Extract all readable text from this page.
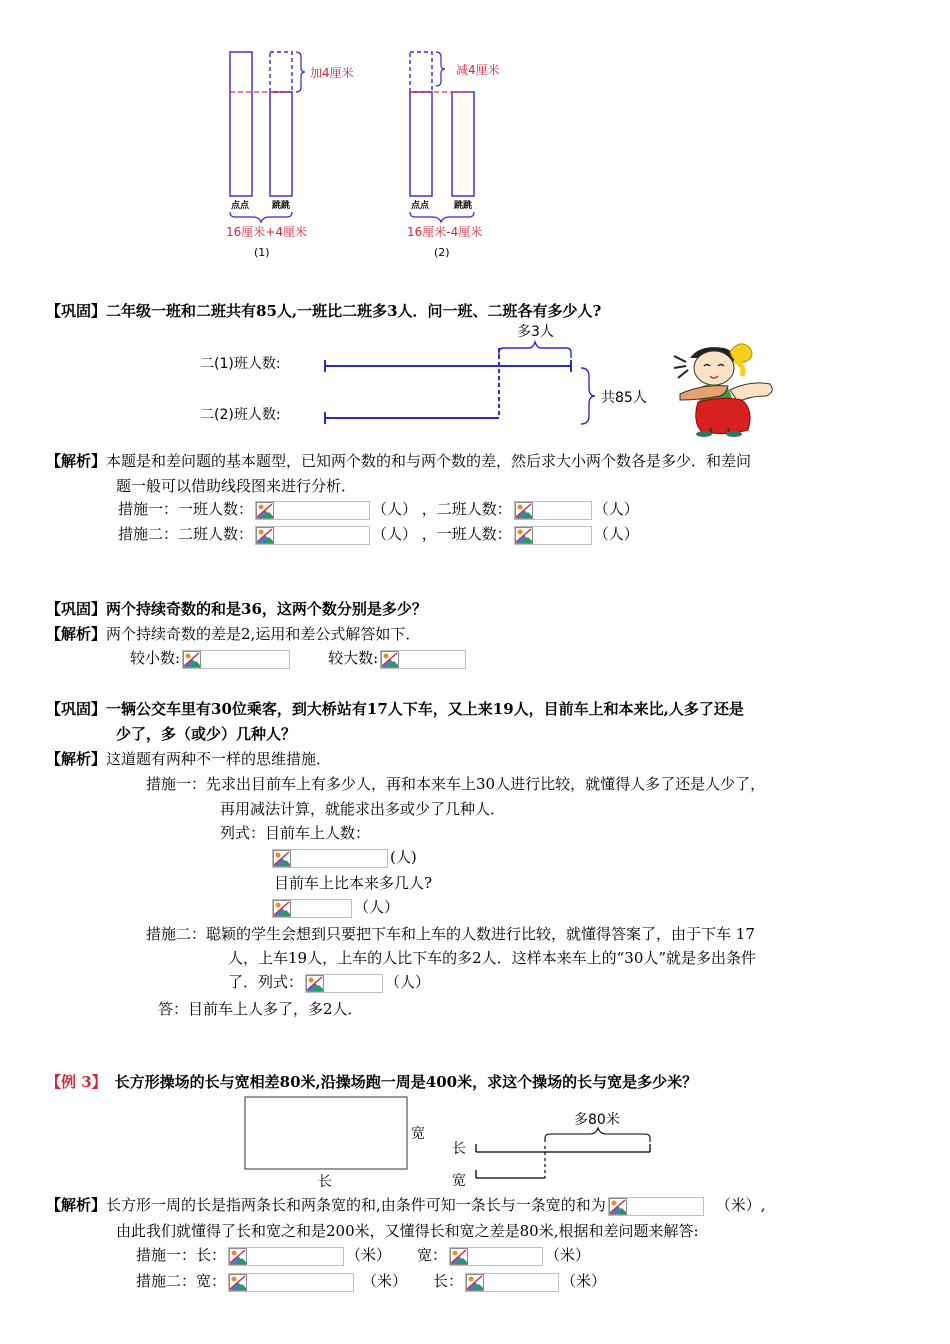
加4厘米
点点	跳跳
16厘米+4厘米
(1)
减4厘米
点点	跳跳
16厘米-4厘米
(2)
【巩固】二年级一班和二班共有85人,一班比二班多3人．问一班、二班各有多少人?
二(1)班人数:
二(2)班人数:
多3人
共85人
【解析】本题是和差问题的基本题型，已知两个数的和与两个数的差，然后求大小两个数各是多少．和差问
题一般可以借助线段图来进行分析．
措施一：一班人数：	（人） ，二班人数：	（人）
措施二：二班人数：	（人） ，一班人数：	（人）
【巩固】两个持续奇数的和是36，这两个数分别是多少？
【解析】两个持续奇数的差是2,运用和差公式解答如下．
较小数:	较大数:
【巩固】一辆公交车里有30位乘客，到大桥站有17人下车，又上来19人，目前车上和本来比,人多了还是
少了，多（或少）几种人？
【解析】这道题有两种不一样的思维措施．
措施一：先求出目前车上有多少人，再和本来车上30人进行比较，就懂得人多了还是人少了，
再用减法计算，就能求出多或少了几种人．
列式：目前车上人数：
(人)
目前车上比本来多几人?
（人）
措施二：聪颖的学生会想到只要把下车和上车的人数进行比较，就懂得答案了，由于下车 17
人，上车19人，上车的人比下车的多2人．这样本来车上的“30人”就是多出条件
了．列式：	（人）
答：目前车上人多了，多2人．
【例 3】 长方形操场的长与宽相差80米,沿操场跑一周是400米，求这个操场的长与宽是多少米？
宽
长
长
宽
多80米
【解析】长方形一周的长是指两条长和两条宽的和,由条件可知一条长与一条宽的和为	（米）,
由此我们就懂得了长和宽之和是200米，又懂得长和宽之差是80米,根据和差问题来解答:
措施一：长：	（米） 宽：	（米）
措施二：宽：	（米） 长：	（米）
